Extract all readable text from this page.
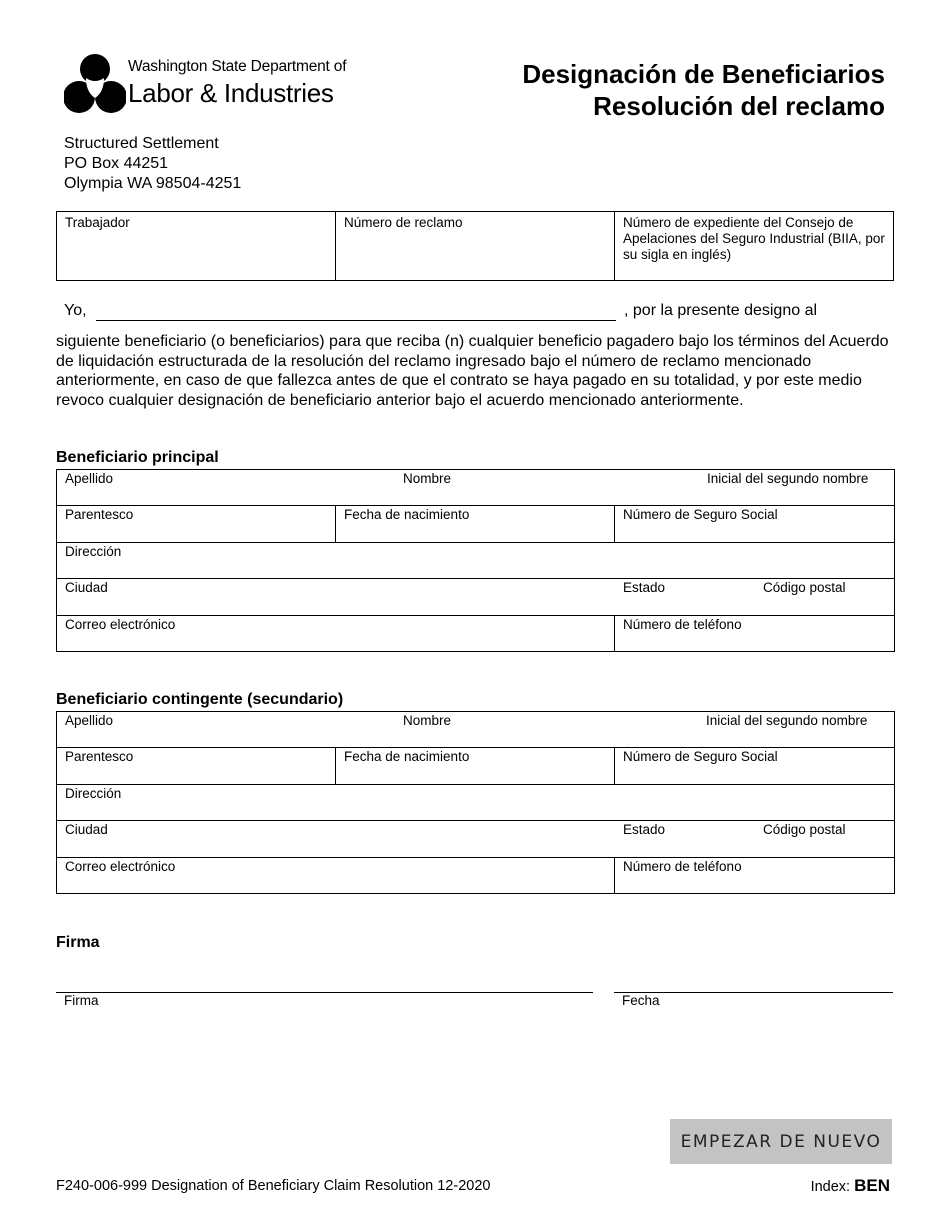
Washington State Department of
Labor & Industries
Designación de Beneficiarios
Resolución del reclamo
Structured Settlement
PO Box 44251
Olympia WA 98504-4251
Trabajador	Número de reclamo	Número de expediente del Consejo de Apelaciones del Seguro Industrial (BIIA, por su sigla en inglés)
Yo,	, por la presente designo al
siguiente beneficiario (o beneficiarios) para que reciba (n) cualquier beneficio pagadero bajo los términos del Acuerdo de liquidación estructurada de la resolución del reclamo ingresado bajo el número de reclamo mencionado anteriormente, en caso de que fallezca antes de que el contrato se haya pagado en su totalidad, y por este medio revoco cualquier designación de beneficiario anterior bajo el acuerdo mencionado anteriormente.
Beneficiario principal
Apellido	Nombre	Inicial del segundo nombre
Parentesco	Fecha de nacimiento	Número de Seguro Social
Dirección
Ciudad	Estado	Código postal
Correo electrónico	Número de teléfono
Beneficiario contingente (secundario)
Apellido	Nombre	Inicial del segundo nombre
Parentesco	Fecha de nacimiento	Número de Seguro Social
Dirección
Ciudad	Estado	Código postal
Correo electrónico	Número de teléfono
Firma
Firma	Fecha
EMPEZAR DE NUEVO
F240-006-999 Designation of Beneficiary Claim Resolution 12-2020	Index: BEN
